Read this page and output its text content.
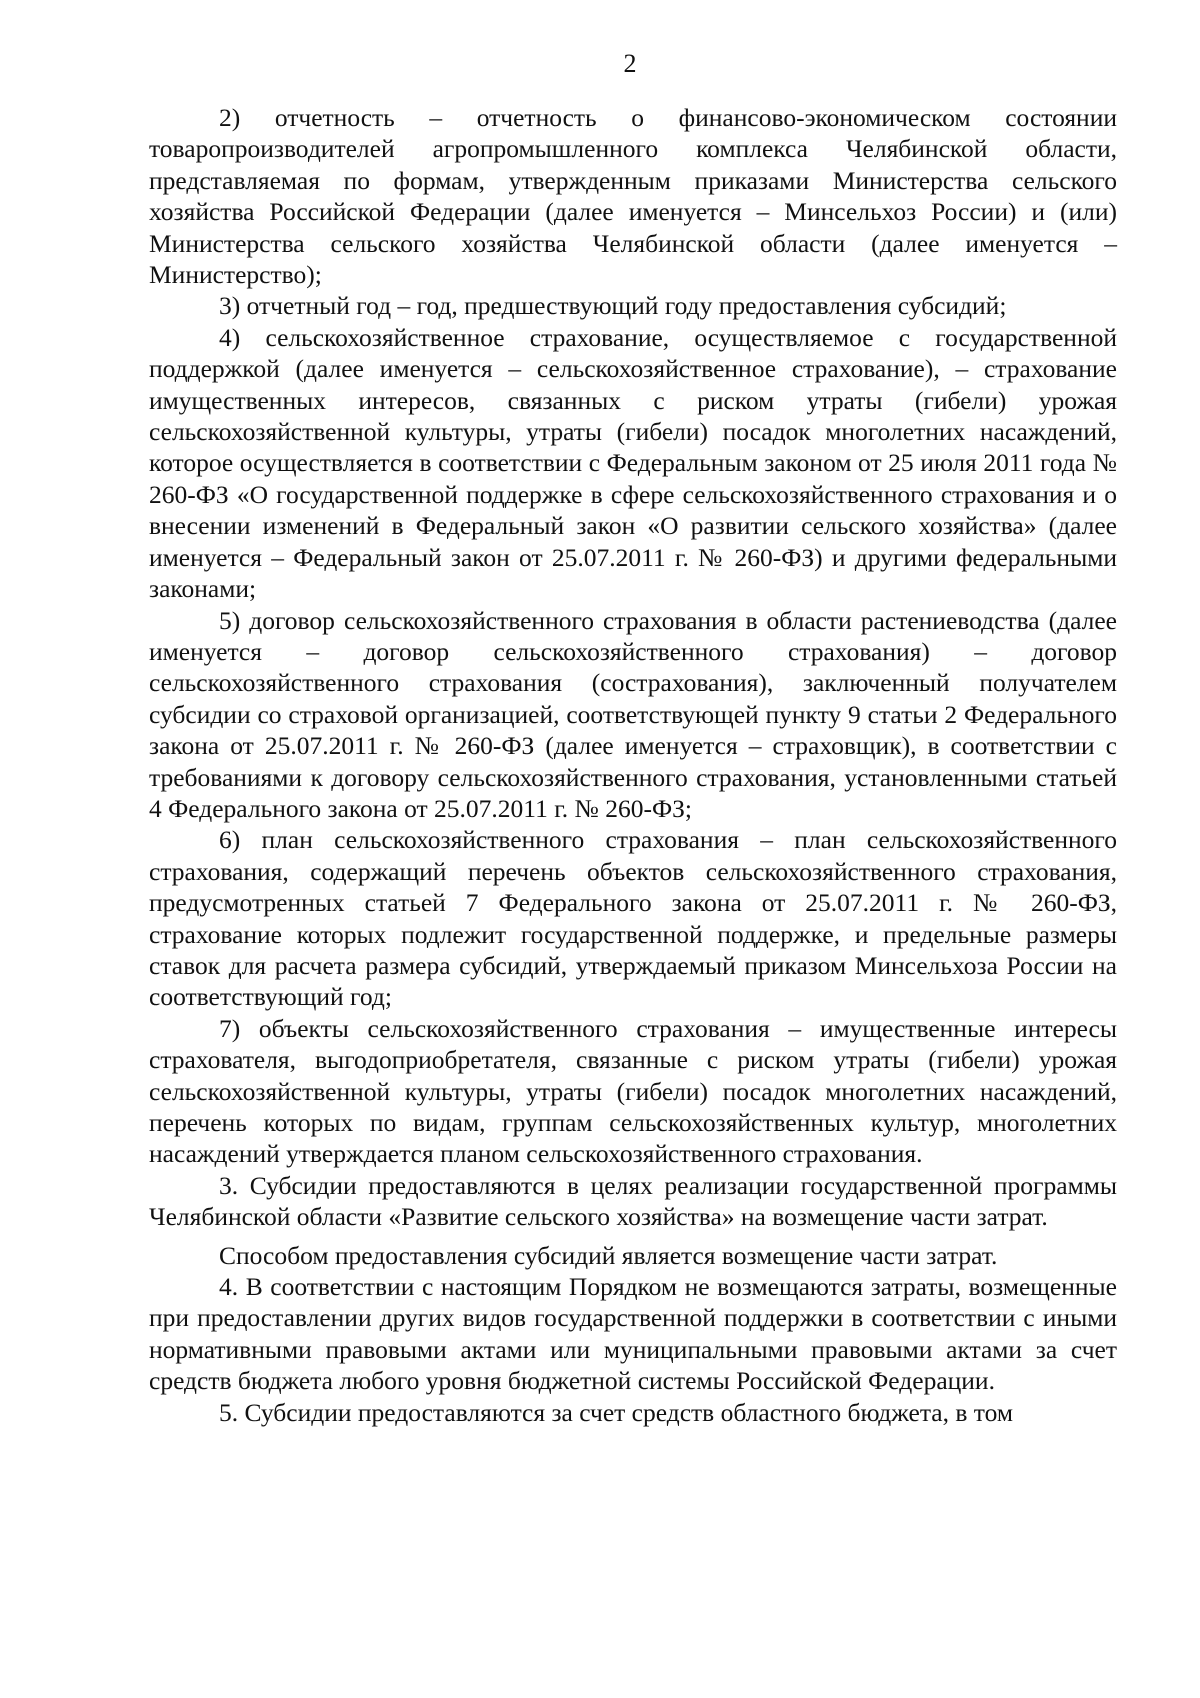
2

2) отчетность – отчетность о финансово-экономическом состоянии товаропроизводителей агропромышленного комплекса Челябинской области, представляемая по формам, утвержденным приказами Министерства сельского хозяйства Российской Федерации (далее именуется – Минсельхоз России) и (или) Министерства сельского хозяйства Челябинской области (далее именуется – Министерство);

3) отчетный год – год, предшествующий году предоставления субсидий;

4) сельскохозяйственное страхование, осуществляемое с государственной поддержкой (далее именуется – сельскохозяйственное страхование), – страхование имущественных интересов, связанных с риском утраты (гибели) урожая сельскохозяйственной культуры, утраты (гибели) посадок многолетних насаждений, которое осуществляется в соответствии с Федеральным законом от 25 июля 2011 года № 260-ФЗ «О государственной поддержке в сфере сельскохозяйственного страхования и о внесении изменений в Федеральный закон «О развитии сельского хозяйства» (далее именуется – Федеральный закон от 25.07.2011 г. № 260-ФЗ) и другими федеральными законами;

5) договор сельскохозяйственного страхования в области растениеводства (далее именуется – договор сельскохозяйственного страхования) – договор сельскохозяйственного страхования (сострахования), заключенный получателем субсидии со страховой организацией, соответствующей пункту 9 статьи 2 Федерального закона от 25.07.2011 г. № 260-ФЗ (далее именуется – страховщик), в соответствии с требованиями к договору сельскохозяйственного страхования, установленными статьей 4 Федерального закона от 25.07.2011 г. № 260-ФЗ;

6) план сельскохозяйственного страхования – план сельскохозяйственного страхования, содержащий перечень объектов сельскохозяйственного страхования, предусмотренных статьей 7 Федерального закона от 25.07.2011 г. № 260-ФЗ, страхование которых подлежит государственной поддержке, и предельные размеры ставок для расчета размера субсидий, утверждаемый приказом Минсельхоза России на соответствующий год;

7) объекты сельскохозяйственного страхования – имущественные интересы страхователя, выгодоприобретателя, связанные с риском утраты (гибели) урожая сельскохозяйственной культуры, утраты (гибели) посадок многолетних насаждений, перечень которых по видам, группам сельскохозяйственных культур, многолетних насаждений утверждается планом сельскохозяйственного страхования.

3. Субсидии предоставляются в целях реализации государственной программы Челябинской области «Развитие сельского хозяйства» на возмещение части затрат.

Способом предоставления субсидий является возмещение части затрат.

4. В соответствии с настоящим Порядком не возмещаются затраты, возмещенные при предоставлении других видов государственной поддержки в соответствии с иными нормативными правовыми актами или муниципальными правовыми актами за счет средств бюджета любого уровня бюджетной системы Российской Федерации.

5. Субсидии предоставляются за счет средств областного бюджета, в том
